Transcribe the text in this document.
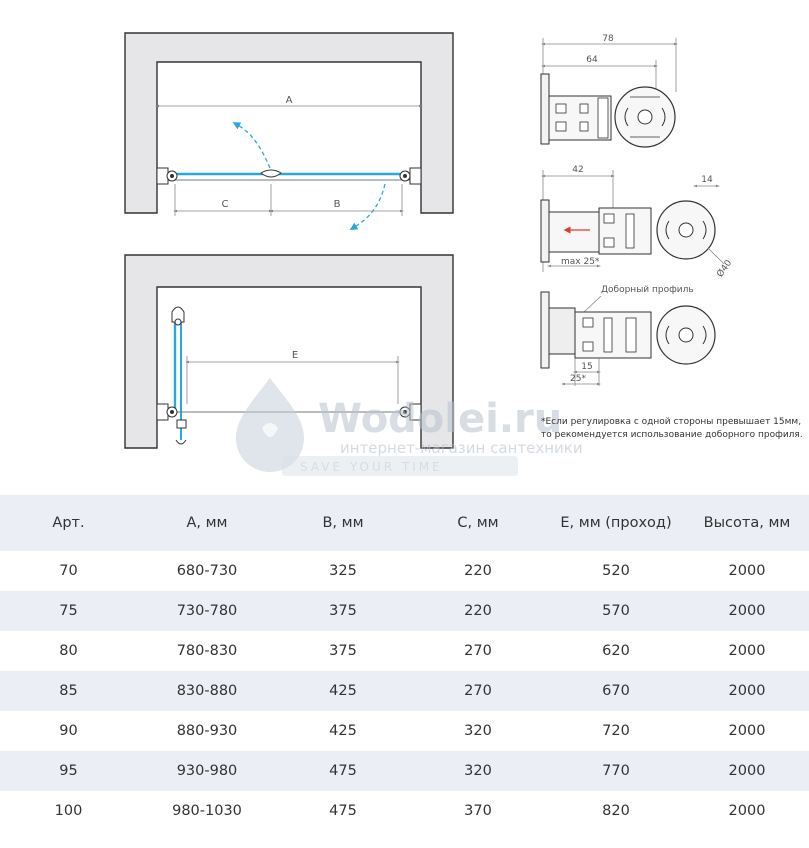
A
C	B
E
Wodolei.ru
интернет-магазин сантехники
SAVE YOUR TIME
78
64
42
14
Ø40
max 25*
Доборный профиль
15
25*
*Если регулировка с одной стороны превышает 15мм,
то рекомендуется использование доборного профиля.
Арт.	А, мм	В, мм	С, мм	Е, мм (проход)	Высота, мм
70	680-730	325	220	520	2000
75	730-780	375	220	570	2000
80	780-830	375	270	620	2000
85	830-880	425	270	670	2000
90	880-930	425	320	720	2000
95	930-980	475	320	770	2000
100	980-1030	475	370	820	2000
